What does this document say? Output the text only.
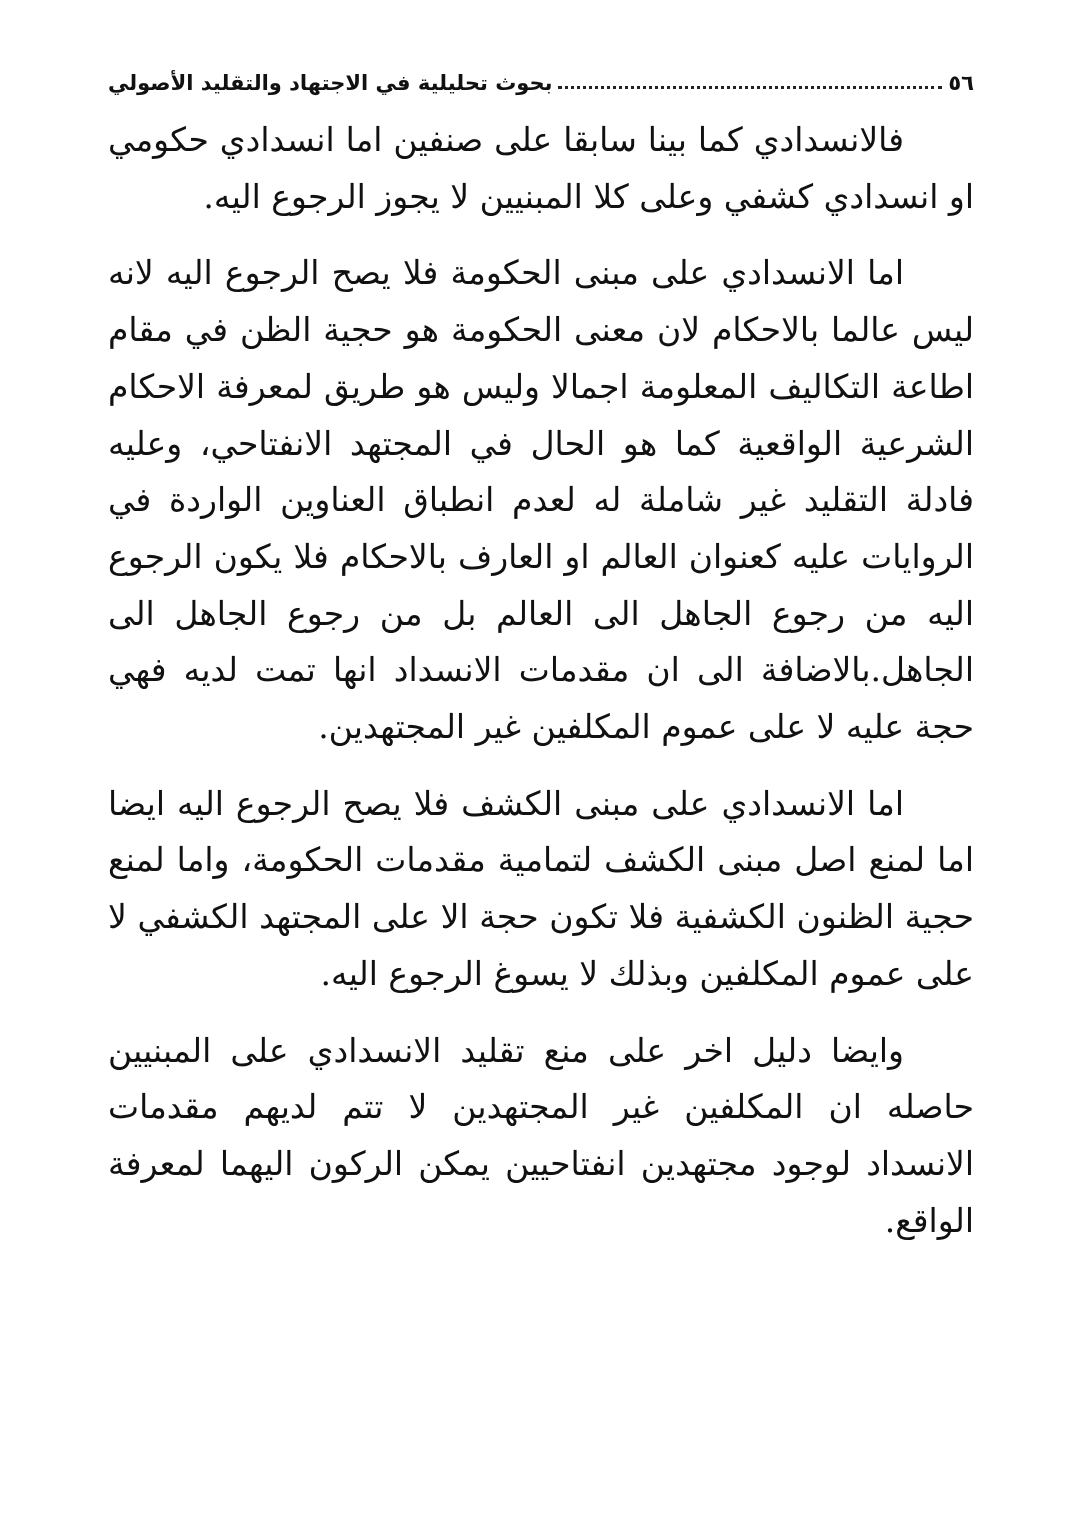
٥٦
بحوث تحليلية في الاجتهاد والتقليد الأصولي

فالانسدادي كما بينا سابقا على صنفين اما انسدادي حكومي او انسدادي كشفي وعلى كلا المبنيين لا يجوز الرجوع اليه.

اما الانسدادي على مبنى الحكومة فلا يصح الرجوع اليه لانه ليس عالما بالاحكام لان معنى الحكومة هو حجية الظن في مقام اطاعة التكاليف المعلومة اجمالا وليس هو طريق لمعرفة الاحكام الشرعية الواقعية كما هو الحال في المجتهد الانفتاحي، وعليه فادلة التقليد غير شاملة له لعدم انطباق العناوين الواردة في الروايات عليه كعنوان العالم او العارف بالاحكام فلا يكون الرجوع اليه من رجوع الجاهل الى العالم بل من رجوع الجاهل الى الجاهل.بالاضافة الى ان مقدمات الانسداد انها تمت لديه فهي حجة عليه لا على عموم المكلفين غير المجتهدين.

اما الانسدادي على مبنى الكشف فلا يصح الرجوع اليه ايضا اما لمنع اصل مبنى الكشف لتمامية مقدمات الحكومة، واما لمنع حجية الظنون الكشفية فلا تكون حجة الا على المجتهد الكشفي لا على عموم المكلفين وبذلك لا يسوغ الرجوع اليه.

وايضا دليل اخر على منع تقليد الانسدادي على المبنيين حاصله ان المكلفين غير المجتهدين لا تتم لديهم مقدمات الانسداد لوجود مجتهدين انفتاحيين يمكن الركون اليهما لمعرفة الواقع.
